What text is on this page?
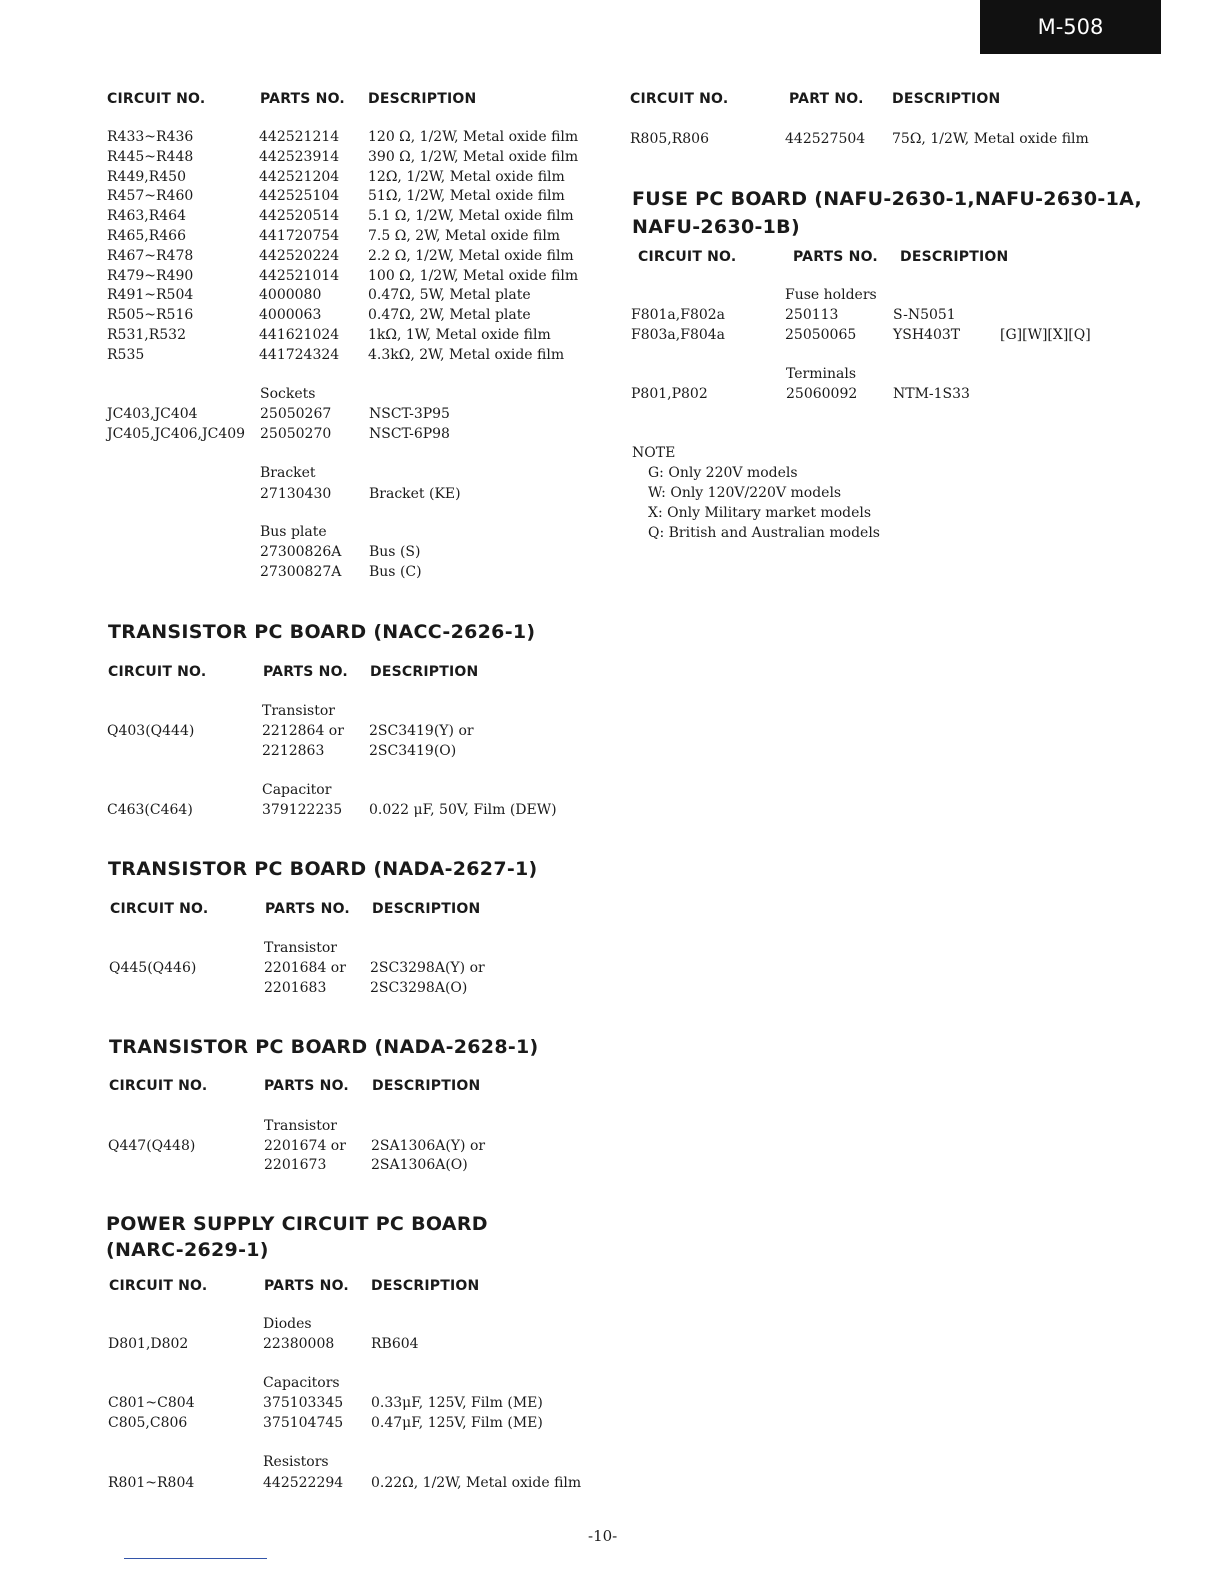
M-508
CIRCUIT NO.	PARTS NO. DESCRIPTION
R433~R436	442521214 120 Ω, 1/2W, Metal oxide film
R445~R448	442523914 390 Ω, 1/2W, Metal oxide film
R449,R450	442521204 12Ω, 1/2W, Metal oxide film
R457~R460	442525104 51Ω, 1/2W, Metal oxide film
R463,R464	442520514 5.1 Ω, 1/2W, Metal oxide film
R465,R466	441720754 7.5 Ω, 2W, Metal oxide film
R467~R478	442520224 2.2 Ω, 1/2W, Metal oxide film
R479~R490	442521014 100 Ω, 1/2W, Metal oxide film
R491~R504	4000080	0.47Ω, 5W, Metal plate
R505~R516	4000063	0.47Ω, 2W, Metal plate
R531,R532	441621024 1kΩ, 1W, Metal oxide film
R535	441724324 4.3kΩ, 2W, Metal oxide film
Sockets
JC403,JC404	25050267	NSCT-3P95
JC405,JC406,JC409 25050270	NSCT-6P98
Bracket
27130430	Bracket (KE)
Bus plate
27300826A Bus (S)
27300827A Bus (C)
TRANSISTOR PC BOARD (NACC-2626-1)
CIRCUIT NO.	PARTS NO. DESCRIPTION
Transistor
Q403(Q444)	2212864 or 2SC3419(Y) or
2212863	2SC3419(O)
Capacitor
C463(C464)	379122235 0.022 μF, 50V, Film (DEW)
TRANSISTOR PC BOARD (NADA-2627-1)
CIRCUIT NO.	PARTS NO. DESCRIPTION
Transistor
Q445(Q446)	2201684 or 2SC3298A(Y) or
2201683	2SC3298A(O)
TRANSISTOR PC BOARD (NADA-2628-1)
CIRCUIT NO.	PARTS NO. DESCRIPTION
Transistor
Q447(Q448)	2201674 or 2SA1306A(Y) or
2201673	2SA1306A(O)
POWER SUPPLY CIRCUIT PC BOARD
(NARC-2629-1)
CIRCUIT NO.	PARTS NO. DESCRIPTION
Diodes
D801,D802	22380008	RB604
Capacitors
C801~C804	375103345 0.33μF, 125V, Film (ME)
C805,C806	375104745 0.47μF, 125V, Film (ME)
Resistors
R801~R804	442522294 0.22Ω, 1/2W, Metal oxide film
CIRCUIT NO.	PART NO. DESCRIPTION
R805,R806	442527504 75Ω, 1/2W, Metal oxide film
FUSE PC BOARD (NAFU-2630-1,NAFU-2630-1A,
NAFU-2630-1B)
CIRCUIT NO.	PARTS NO. DESCRIPTION
Fuse holders
F801a,F802a	250113	S-N5051
F803a,F804a	25050065	YSH403T	[G][W][X][Q]
Terminals
P801,P802	25060092	NTM-1S33
NOTE
G: Only 220V models
W: Only 120V/220V models
X: Only Military market models
Q: British and Australian models
-10-
